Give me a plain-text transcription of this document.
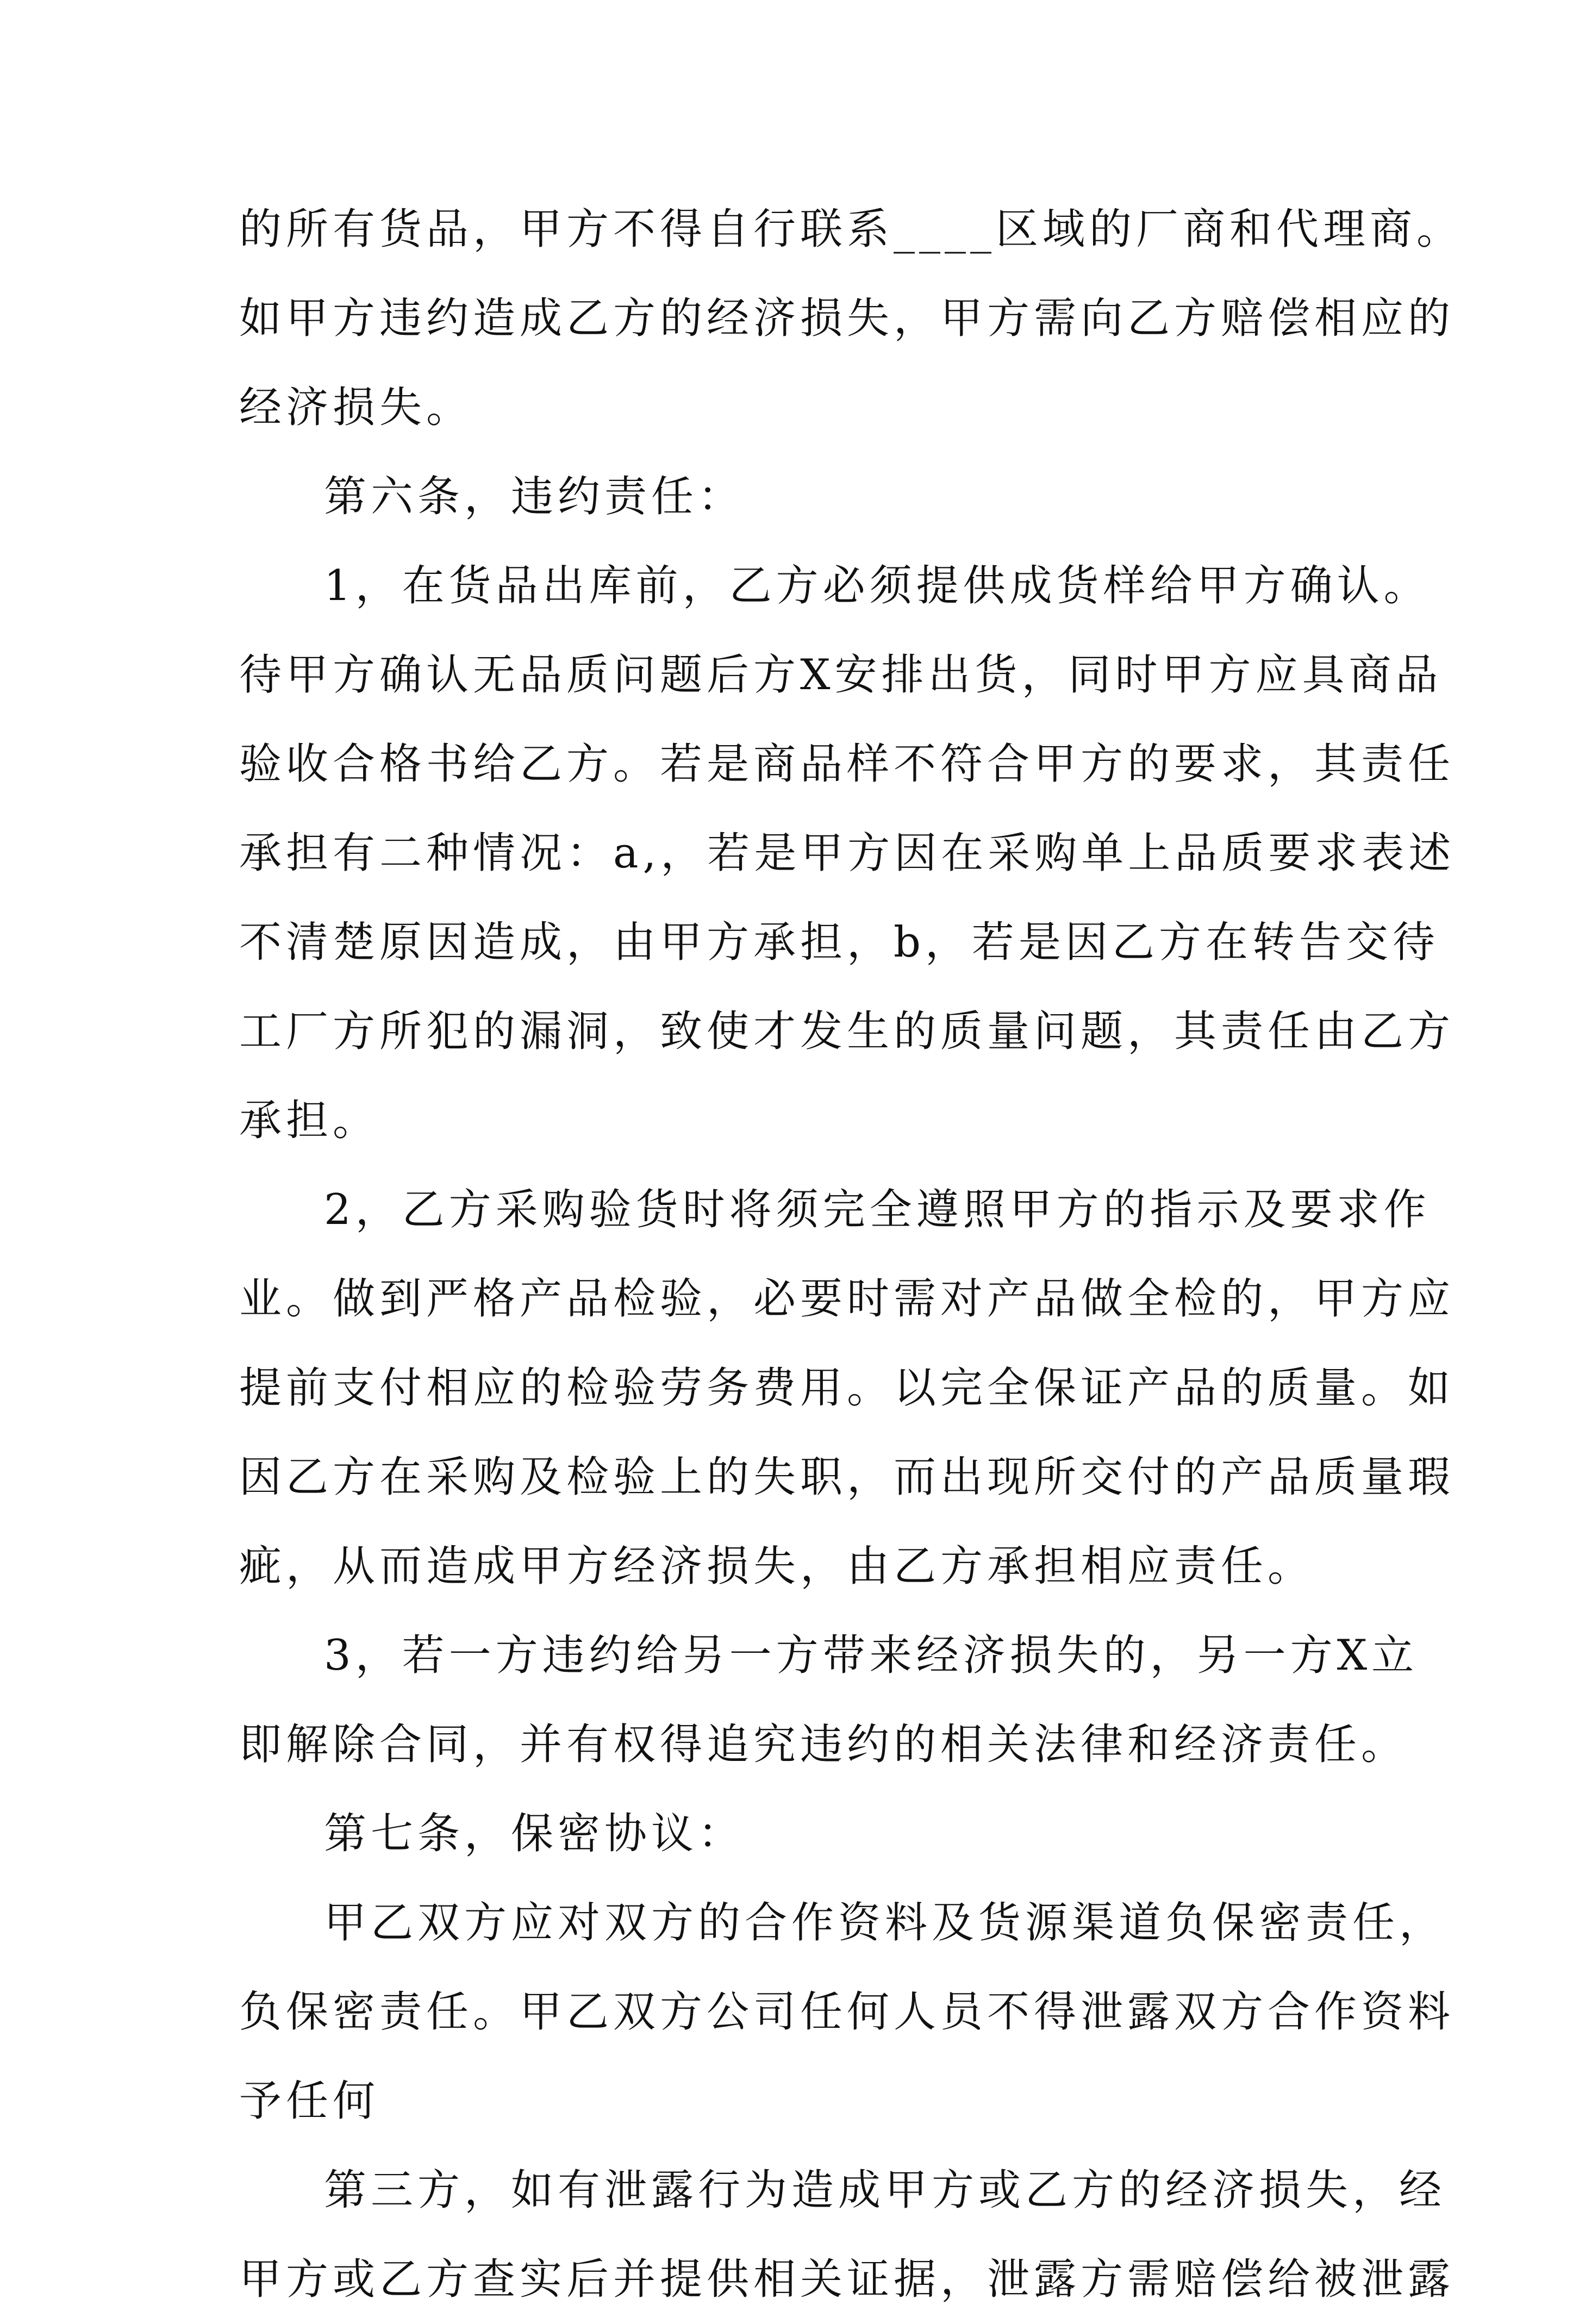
的所有货品，甲方不得自行联系____区域的厂商和代理商。
如甲方违约造成乙方的经济损失，甲方需向乙方赔偿相应的
经济损失。
第六条，违约责任：
1，在货品出库前，乙方必须提供成货样给甲方确认。
待甲方确认无品质问题后方X安排出货，同时甲方应具商品
验收合格书给乙方。若是商品样不符合甲方的要求，其责任
承担有二种情况：a,，若是甲方因在采购单上品质要求表述
不清楚原因造成，由甲方承担，b，若是因乙方在转告交待
工厂方所犯的漏洞，致使才发生的质量问题，其责任由乙方
承担。
2，乙方采购验货时将须完全遵照甲方的指示及要求作
业。做到严格产品检验，必要时需对产品做全检的，甲方应
提前支付相应的检验劳务费用。以完全保证产品的质量。如
因乙方在采购及检验上的失职，而出现所交付的产品质量瑕
疵，从而造成甲方经济损失，由乙方承担相应责任。
3，若一方违约给另一方带来经济损失的，另一方X立
即解除合同，并有权得追究违约的相关法律和经济责任。
第七条，保密协议：
甲乙双方应对双方的合作资料及货源渠道负保密责任，
负保密责任。甲乙双方公司任何人员不得泄露双方合作资料
予任何
第三方，如有泄露行为造成甲方或乙方的经济损失，经
甲方或乙方查实后并提供相关证据，泄露方需赔偿给被泄露
